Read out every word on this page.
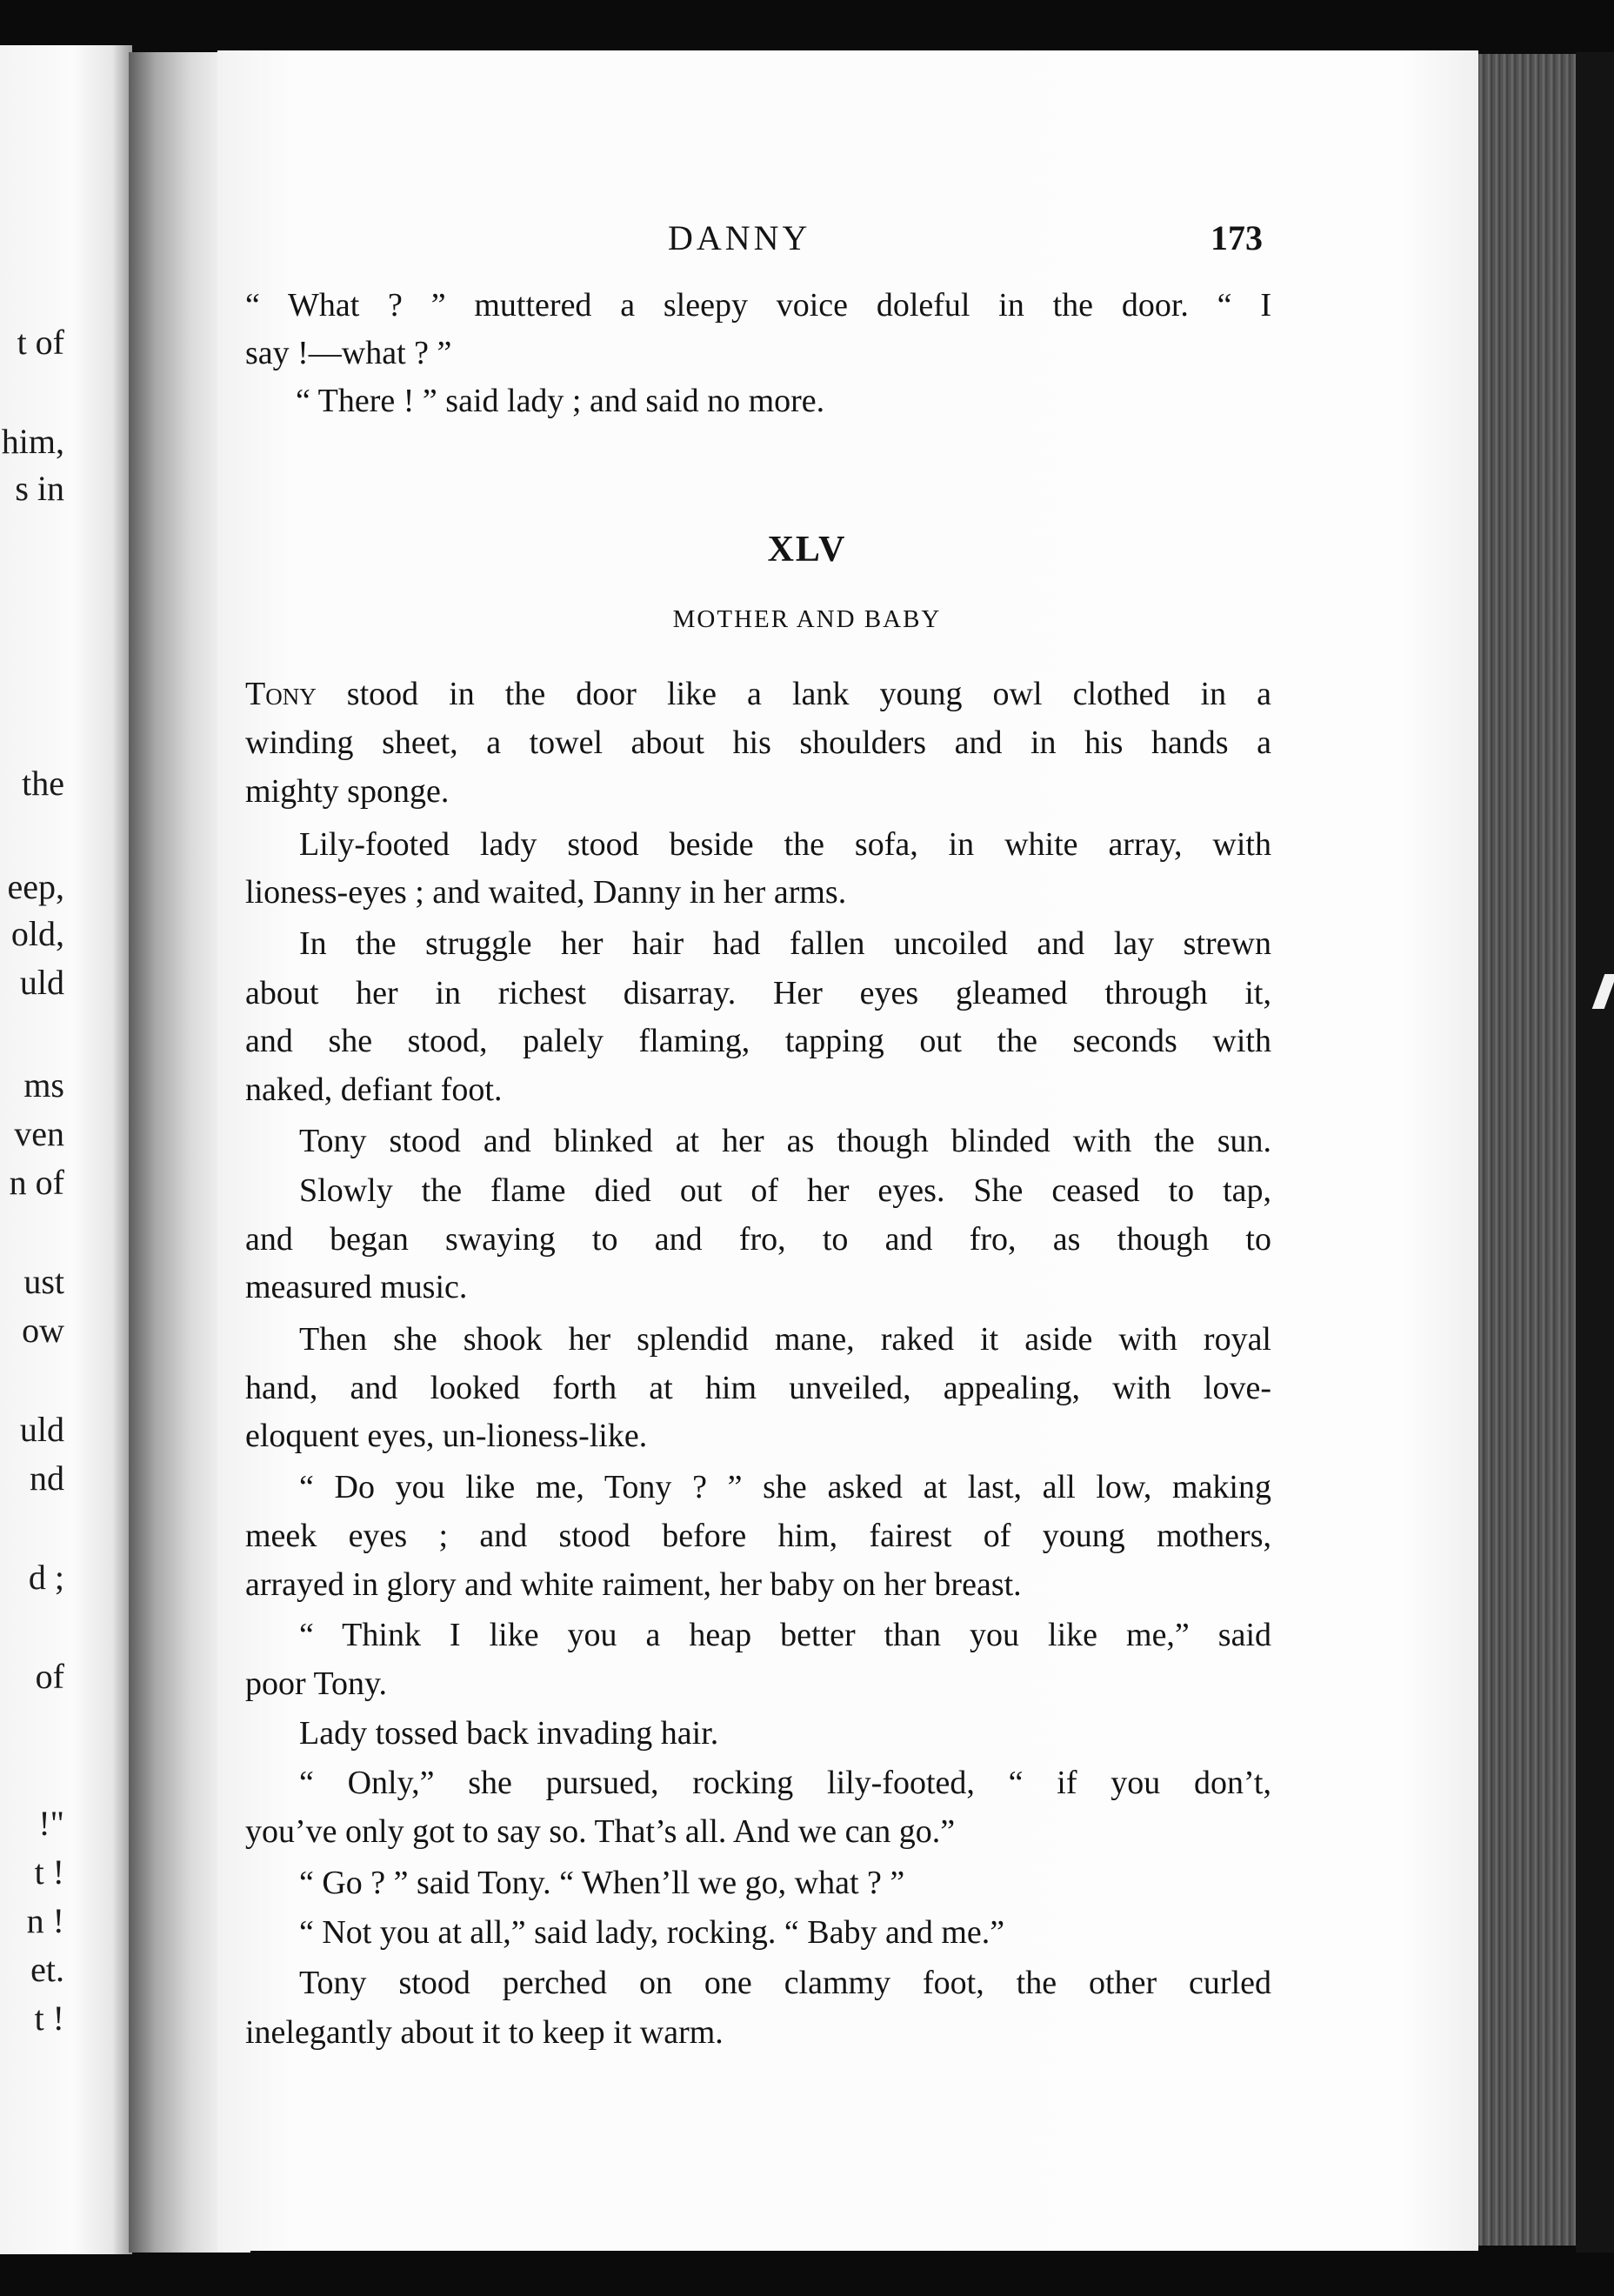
t of
him,
s in
the
eep,
old,
uld
ms
ven
n of
ust
ow
uld
nd
d ;
of
!"
t !
n !
et.
t !
DANNY	173
“ What ? ” muttered a sleepy voice doleful in the door. “ I
say !—what ? ”
“ There ! ” said lady ; and said no more.
XLV
MOTHER AND BABY
Tony stood in the door like a lank young owl clothed in a
winding sheet, a towel about his shoulders and in his hands a
mighty sponge.
Lily-footed lady stood beside the sofa, in white array, with
lioness-eyes ; and waited, Danny in her arms.
In the struggle her hair had fallen uncoiled and lay strewn
about her in richest disarray. Her eyes gleamed through it,
and she stood, palely flaming, tapping out the seconds with
naked, defiant foot.
Tony stood and blinked at her as though blinded with the sun.
Slowly the flame died out of her eyes. She ceased to tap,
and began swaying to and fro, to and fro, as though to
measured music.
Then she shook her splendid mane, raked it aside with royal
hand, and looked forth at him unveiled, appealing, with love-
eloquent eyes, un-lioness-like.
“ Do you like me, Tony ? ” she asked at last, all low, making
meek eyes ; and stood before him, fairest of young mothers,
arrayed in glory and white raiment, her baby on her breast.
“ Think I like you a heap better than you like me,” said
poor Tony.
Lady tossed back invading hair.
“ Only,” she pursued, rocking lily-footed, “ if you don’t,
you’ve only got to say so. That’s all. And we can go.”
“ Go ? ” said Tony. “ When’ll we go, what ? ”
“ Not you at all,” said lady, rocking. “ Baby and me.”
Tony stood perched on one clammy foot, the other curled
inelegantly about it to keep it warm.
